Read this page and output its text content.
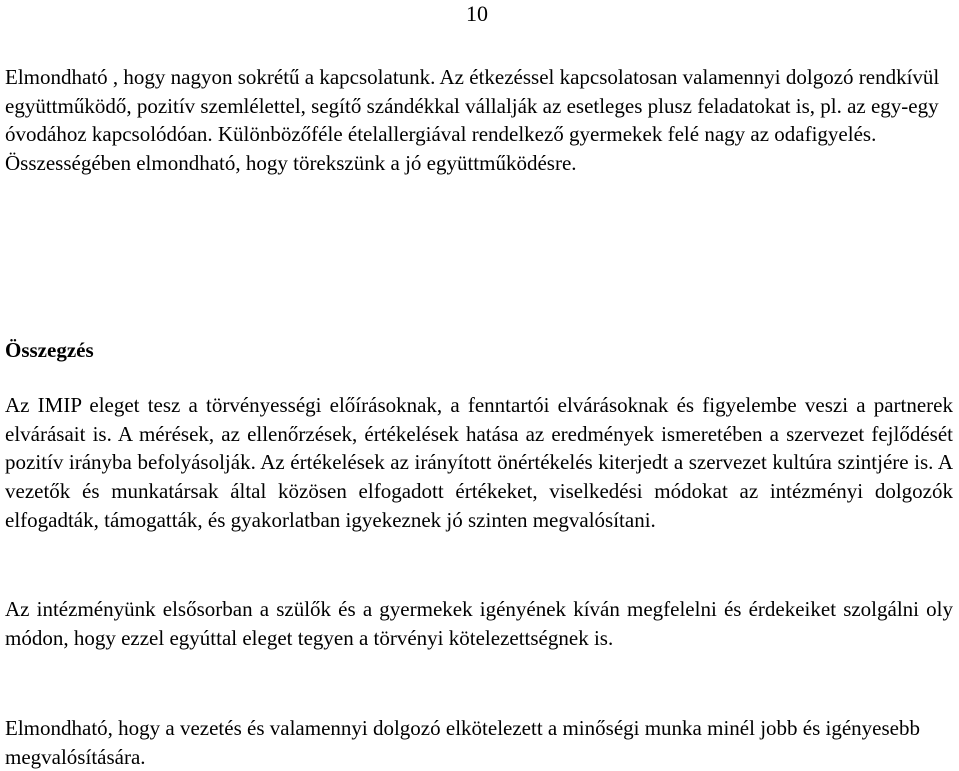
10

Elmondható , hogy nagyon sokrétű a kapcsolatunk. Az étkezéssel kapcsolatosan valamennyi dolgozó rendkívül együttműködő, pozitív szemlélettel, segítő szándékkal vállalják az esetleges plusz feladatokat is, pl. az egy-egy óvodához kapcsolódóan. Különbözőféle ételallergiával rendelkező gyermekek felé nagy az odafigyelés. Összességében elmondható, hogy törekszünk a jó együttműködésre.

Összegzés

Az IMIP eleget tesz a törvényességi előírásoknak, a fenntartói elvárásoknak és figyelembe veszi a partnerek elvárásait is. A mérések, az ellenőrzések, értékelések hatása az eredmények ismeretében a szervezet fejlődését pozitív irányba befolyásolják. Az értékelések az irányított önértékelés kiterjedt a szervezet kultúra szintjére is. A vezetők és munkatársak által közösen elfogadott értékeket, viselkedési módokat az intézményi dolgozók elfogadták, támogatták, és gyakorlatban igyekeznek jó szinten megvalósítani.

Az intézményünk elsősorban a szülők és a gyermekek igényének kíván megfelelni és érdekeiket szolgálni oly módon, hogy ezzel egyúttal eleget tegyen a törvényi kötelezettségnek is.

Elmondható, hogy a vezetés és valamennyi dolgozó elkötelezett a minőségi munka minél jobb és igényesebb megvalósítására.
